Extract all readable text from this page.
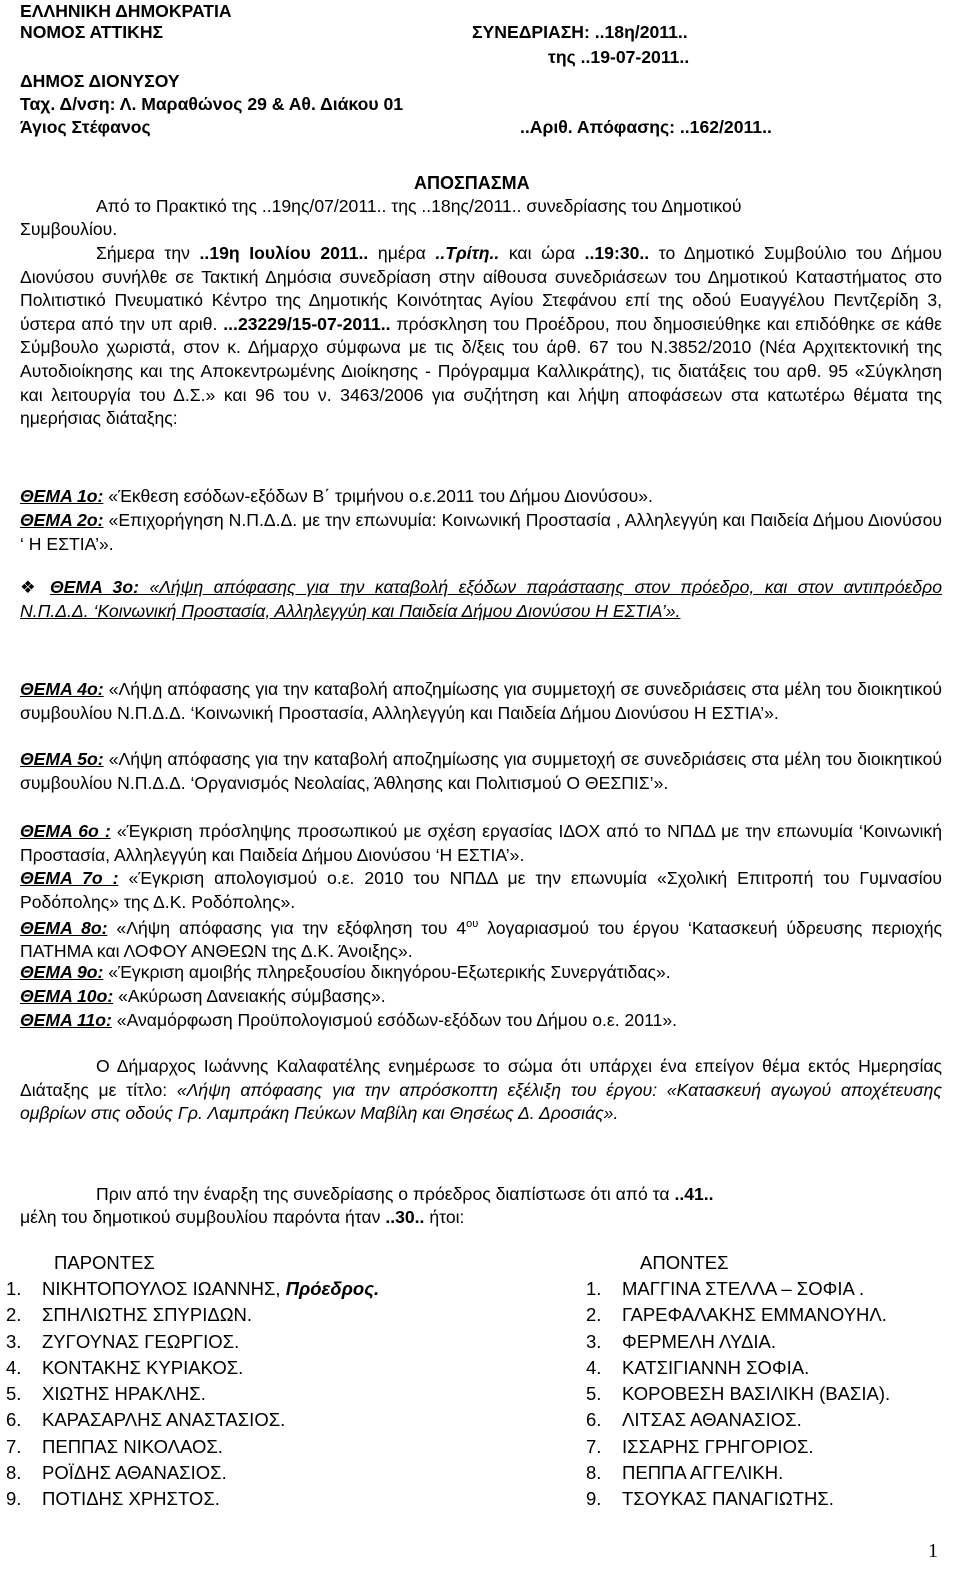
ΕΛΛΗΝΙΚΗ ΔΗΜΟΚΡΑΤΙΑ
ΝΟΜΟΣ ΑΤΤΙΚΗΣ
ΔΗΜΟΣ ΔΙΟΝΥΣΟΥ
Ταχ. Δ/νση: Λ. Μαραθώνος 29 & Αθ. Διάκου 01
Άγιος Στέφανος
ΣΥΝΕΔΡΙΑΣΗ: ..18η/2011..
της ..19-07-2011..
..Αριθ. Απόφασης: ..162/2011..
ΑΠΟΣΠΑΣΜΑ
Από το Πρακτικό της ..19ης/07/2011.. της ..18ης/2011.. συνεδρίασης του Δημοτικού
Συμβουλίου.
Σήμερα την ..19η Ιουλίου 2011.. ημέρα ..Τρίτη.. και ώρα ..19:30.. το Δημοτικό Συμβούλιο του Δήμου Διονύσου συνήλθε σε Τακτική Δημόσια συνεδρίαση στην αίθουσα συνεδριάσεων του Δημοτικού Καταστήματος στο Πολιτιστικό Πνευματικό Κέντρο της Δημοτικής Κοινότητας Αγίου Στεφάνου επί της οδού Ευαγγέλου Πεντζερίδη 3, ύστερα από την υπ αριθ. ...23229/15-07-2011.. πρόσκληση του Προέδρου, που δημοσιεύθηκε και επιδόθηκε σε κάθε Σύμβουλο χωριστά, στον κ. Δήμαρχο σύμφωνα με τις δ/ξεις του άρθ. 67 του Ν.3852/2010 (Νέα Αρχιτεκτονική της Αυτοδιοίκησης και της Αποκεντρωμένης Διοίκησης - Πρόγραμμα Καλλικράτης), τις διατάξεις του αρθ. 95 «Σύγκληση και λειτουργία του Δ.Σ.» και 96 του ν. 3463/2006 για συζήτηση και λήψη αποφάσεων στα κατωτέρω θέματα της ημερήσιας διάταξης:
ΘΕΜΑ 1ο: «Έκθεση εσόδων-εξόδων Β΄ τριμήνου ο.ε.2011 του Δήμου Διονύσου».
ΘΕΜΑ 2ο: «Επιχορήγηση Ν.Π.Δ.Δ. με την επωνυμία: Κοινωνική Προστασία , Αλληλεγγύη και Παιδεία Δήμου Διονύσου ‘ Η ΕΣΤΙΑ’».
❖ ΘΕΜΑ 3ο: «Λήψη απόφασης για την καταβολή εξόδων παράστασης στον πρόεδρο, και στον αντιπρόεδρο Ν.Π.Δ.Δ. ‘Κοινωνική Προστασία, Αλληλεγγύη και Παιδεία Δήμου Διονύσου Η ΕΣΤΙΑ’».
ΘΕΜΑ 4ο: «Λήψη απόφασης για την καταβολή αποζημίωσης για συμμετοχή σε συνεδριάσεις στα μέλη του διοικητικού συμβουλίου Ν.Π.Δ.Δ. ‘Κοινωνική Προστασία, Αλληλεγγύη και Παιδεία Δήμου Διονύσου Η ΕΣΤΙΑ’».
ΘΕΜΑ 5ο: «Λήψη απόφασης για την καταβολή αποζημίωσης για συμμετοχή σε συνεδριάσεις στα μέλη του διοικητικού συμβουλίου Ν.Π.Δ.Δ. ‘Οργανισμός Νεολαίας, Άθλησης και Πολιτισμού Ο ΘΕΣΠΙΣ’».
ΘΕΜΑ 6ο : «Έγκριση πρόσληψης προσωπικού με σχέση εργασίας ΙΔΟΧ από το ΝΠΔΔ με την επωνυμία ‘Κοινωνική Προστασία, Αλληλεγγύη και Παιδεία Δήμου Διονύσου ‘Η ΕΣΤΙΑ’».
ΘΕΜΑ 7ο : «Έγκριση απολογισμού ο.ε. 2010 του ΝΠΔΔ με την επωνυμία «Σχολική Επιτροπή του Γυμνασίου Ροδόπολης» της Δ.Κ. Ροδόπολης».
ΘΕΜΑ 8ο: «Λήψη απόφασης για την εξόφληση του $4^{o\upsilon}$ λογαριασμού του έργου ‘Κατασκευή ύδρευσης περιοχής ΠΑΤΗΜΑ και ΛΟΦΟΥ ΑΝΘΕΩΝ της Δ.Κ. Άνοιξης».
ΘΕΜΑ 9ο: «Έγκριση αμοιβής πληρεξουσίου δικηγόρου-Εξωτερικής Συνεργάτιδας».
ΘΕΜΑ 10ο: «Ακύρωση Δανειακής σύμβασης».
ΘΕΜΑ 11ο: «Αναμόρφωση Προϋπολογισμού εσόδων-εξόδων του Δήμου ο.ε. 2011».
Ο Δήμαρχος Ιωάννης Καλαφατέλης ενημέρωσε το σώμα ότι υπάρχει ένα επείγον θέμα εκτός Ημερησίας Διάταξης με τίτλο: «Λήψη απόφασης για την απρόσκοπτη εξέλιξη του έργου: «Κατασκευή αγωγού αποχέτευσης ομβρίων στις οδούς Γρ. Λαμπράκη Πεύκων Μαβίλη και Θησέως Δ. Δροσιάς».
Πριν από την έναρξη της συνεδρίασης ο πρόεδρος διαπίστωσε ότι από τα ..41..
μέλη του δημοτικού συμβουλίου παρόντα ήταν ..30.. ήτοι:
ΠΑΡΟΝΤΕΣ
1. ΝΙΚΗΤΟΠΟΥΛΟΣ ΙΩΑΝΝΗΣ, Πρόεδρος.
2. ΣΠΗΛΙΩΤΗΣ ΣΠΥΡΙΔΩΝ.
3. ΖΥΓΟΥΝΑΣ ΓΕΩΡΓΙΟΣ.
4. ΚΟΝΤΑΚΗΣ ΚΥΡΙΑΚΟΣ.
5. ΧΙΩΤΗΣ ΗΡΑΚΛΗΣ.
6. ΚΑΡΑΣΑΡΛΗΣ ΑΝΑΣΤΑΣΙΟΣ.
7. ΠΕΠΠΑΣ ΝΙΚΟΛΑΟΣ.
8. ΡΟΪΔΗΣ ΑΘΑΝΑΣΙΟΣ.
9. ΠΟΤΙΔΗΣ ΧΡΗΣΤΟΣ.
ΑΠΟΝΤΕΣ
1. ΜΑΓΓΙΝΑ ΣΤΕΛΛΑ – ΣΟΦΙΑ .
2. ΓΑΡΕΦΑΛΑΚΗΣ ΕΜΜΑΝΟΥΗΛ.
3. ΦΕΡΜΕΛΗ ΛΥΔΙΑ.
4. ΚΑΤΣΙΓΙΑΝΝΗ ΣΟΦΙΑ.
5. ΚΟΡΟΒΕΣΗ ΒΑΣΙΛΙΚΗ (ΒΑΣΙΑ).
6. ΛΙΤΣΑΣ ΑΘΑΝΑΣΙΟΣ.
7. ΙΣΣΑΡΗΣ ΓΡΗΓΟΡΙΟΣ.
8. ΠΕΠΠΑ ΑΓΓΕΛΙΚΗ.
9. ΤΣΟΥΚΑΣ ΠΑΝΑΓΙΩΤΗΣ.
1
